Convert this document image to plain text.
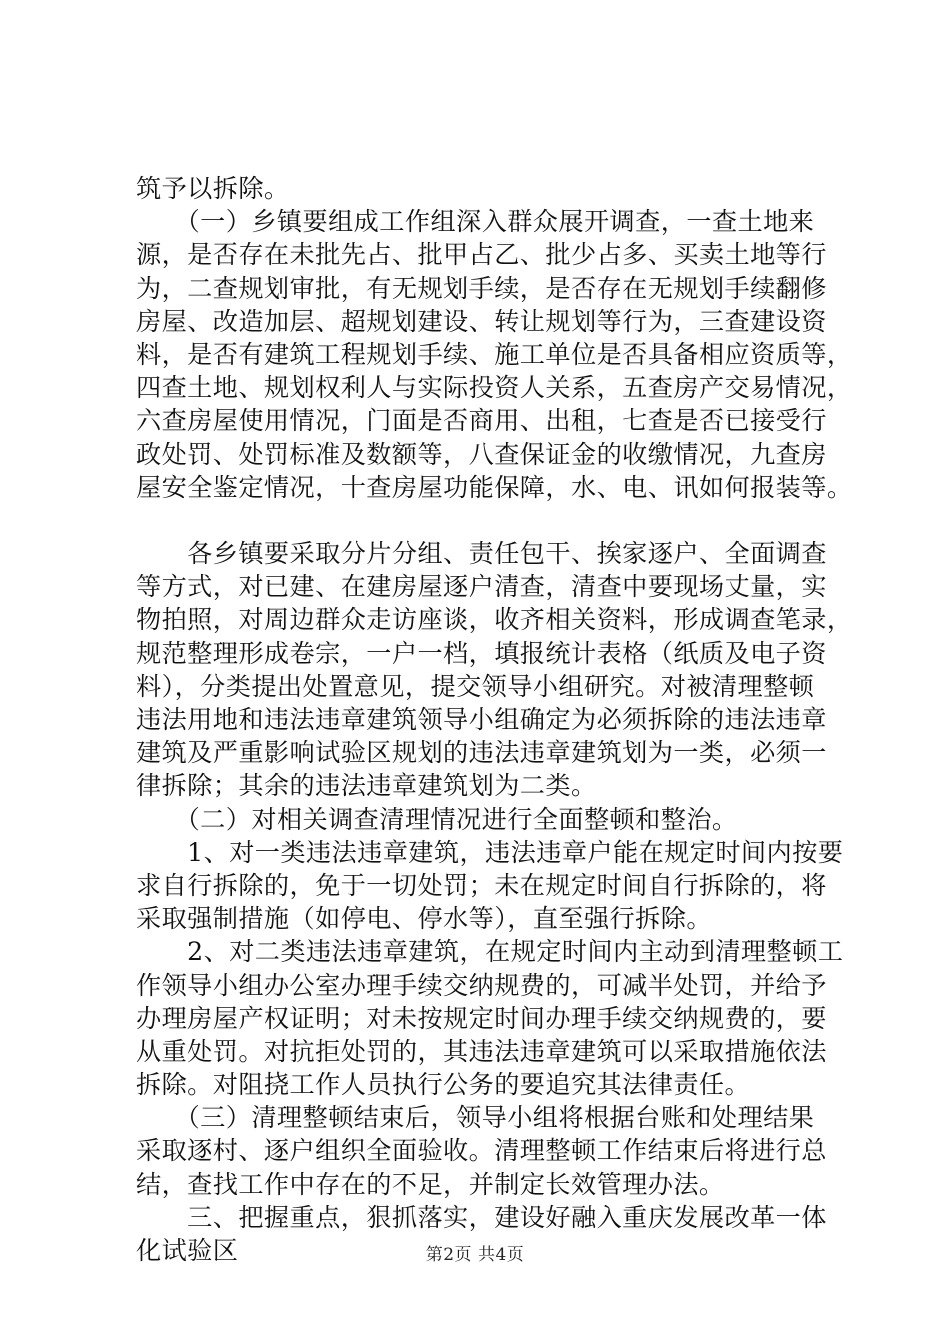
筑予以拆除。
　　（一）乡镇要组成工作组深入群众展开调查，一查土地来
源，是否存在未批先占、批甲占乙、批少占多、买卖土地等行
为，二查规划审批，有无规划手续，是否存在无规划手续翻修
房屋、改造加层、超规划建设、转让规划等行为，三查建设资
料，是否有建筑工程规划手续、施工单位是否具备相应资质等，
四查土地、规划权利人与实际投资人关系，五查房产交易情况，
六查房屋使用情况，门面是否商用、出租，七查是否已接受行
政处罚、处罚标准及数额等，八查保证金的收缴情况，九查房
屋安全鉴定情况，十查房屋功能保障，水、电、讯如何报装等。
　　各乡镇要采取分片分组、责任包干、挨家逐户、全面调查
等方式，对已建、在建房屋逐户清查，清查中要现场丈量，实
物拍照，对周边群众走访座谈，收齐相关资料，形成调查笔录，
规范整理形成卷宗，一户一档，填报统计表格（纸质及电子资
料），分类提出处置意见，提交领导小组研究。对被清理整顿
违法用地和违法违章建筑领导小组确定为必须拆除的违法违章
建筑及严重影响试验区规划的违法违章建筑划为一类，必须一
律拆除；其余的违法违章建筑划为二类。
　　（二）对相关调查清理情况进行全面整顿和整治。
　　1、对一类违法违章建筑，违法违章户能在规定时间内按要
求自行拆除的，免于一切处罚；未在规定时间自行拆除的，将
采取强制措施（如停电、停水等），直至强行拆除。
　　2、对二类违法违章建筑，在规定时间内主动到清理整顿工
作领导小组办公室办理手续交纳规费的，可减半处罚，并给予
办理房屋产权证明；对未按规定时间办理手续交纳规费的，要
从重处罚。对抗拒处罚的，其违法违章建筑可以采取措施依法
拆除。对阻挠工作人员执行公务的要追究其法律责任。
　　（三）清理整顿结束后，领导小组将根据台账和处理结果
采取逐村、逐户组织全面验收。清理整顿工作结束后将进行总
结，查找工作中存在的不足，并制定长效管理办法。
　　三、把握重点，狠抓落实，建设好融入重庆发展改革一体
化试验区	第2页 共4页
